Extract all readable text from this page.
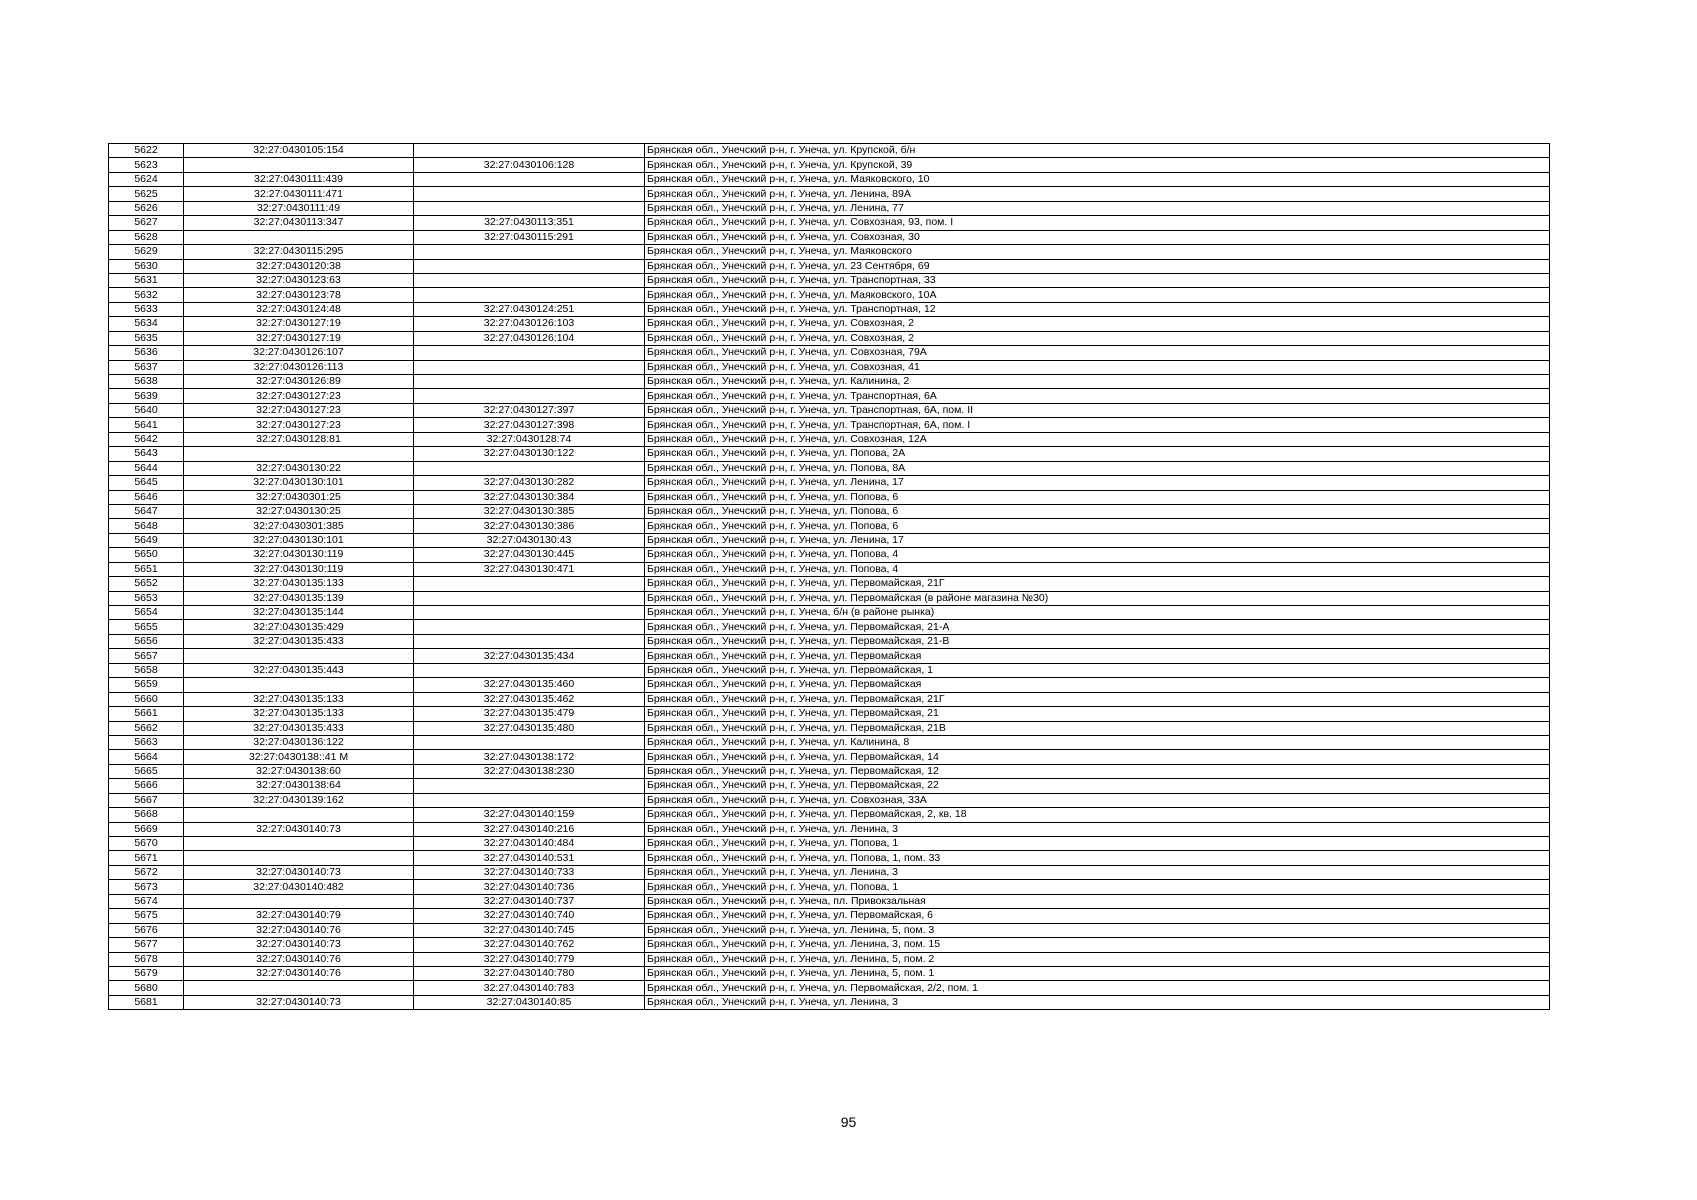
5622	32:27:0430105:154		Брянская обл., Унечский р-н, г. Унеча, ул. Крупской, б/н
5623		32:27:0430106:128	Брянская обл., Унечский р-н, г. Унеча, ул. Крупской, 39
5624	32:27:0430111:439		Брянская обл., Унечский р-н, г. Унеча, ул. Маяковского, 10
5625	32:27:0430111:471		Брянская обл., Унечский р-н, г. Унеча, ул. Ленина, 89А
5626	32:27:0430111:49		Брянская обл., Унечский р-н, г. Унеча, ул. Ленина, 77
5627	32:27:0430113:347	32:27:0430113:351	Брянская обл., Унечский р-н, г. Унеча, ул. Совхозная, 93, пом. I
5628		32:27:0430115:291	Брянская обл., Унечский р-н, г. Унеча, ул. Совхозная, 30
5629	32:27:0430115:295		Брянская обл., Унечский р-н, г. Унеча, ул. Маяковского
5630	32:27:0430120:38		Брянская обл., Унечский р-н, г. Унеча, ул. 23 Сентября, 69
5631	32:27:0430123:63		Брянская обл., Унечский р-н, г. Унеча, ул. Транспортная, 33
5632	32:27:0430123:78		Брянская обл., Унечский р-н, г. Унеча, ул. Маяковского, 10А
5633	32:27:0430124:48	32:27:0430124:251	Брянская обл., Унечский р-н, г. Унеча, ул. Транспортная, 12
5634	32:27:0430127:19	32:27:0430126:103	Брянская обл., Унечский р-н, г. Унеча, ул. Совхозная, 2
5635	32:27:0430127:19	32:27:0430126:104	Брянская обл., Унечский р-н, г. Унеча, ул. Совхозная, 2
5636	32:27:0430126:107		Брянская обл., Унечский р-н, г. Унеча, ул. Совхозная, 79А
5637	32:27:0430126:113		Брянская обл., Унечский р-н, г. Унеча, ул. Совхозная, 41
5638	32:27:0430126:89		Брянская обл., Унечский р-н, г. Унеча, ул. Калинина, 2
5639	32:27:0430127:23		Брянская обл., Унечский р-н, г. Унеча, ул. Транспортная, 6А
5640	32:27:0430127:23	32:27:0430127:397	Брянская обл., Унечский р-н, г. Унеча, ул. Транспортная, 6А, пом. II
5641	32:27:0430127:23	32:27:0430127:398	Брянская обл., Унечский р-н, г. Унеча, ул. Транспортная, 6А, пом. I
5642	32:27:0430128:81	32:27:0430128:74	Брянская обл., Унечский р-н, г. Унеча, ул. Совхозная, 12А
5643		32:27:0430130:122	Брянская обл., Унечский р-н, г. Унеча, ул. Попова, 2А
5644	32:27:0430130:22		Брянская обл., Унечский р-н, г. Унеча, ул. Попова, 8А
5645	32:27:0430130:101	32:27:0430130:282	Брянская обл., Унечский р-н, г. Унеча, ул. Ленина, 17
5646	32:27:0430301:25	32:27:0430130:384	Брянская обл., Унечский р-н, г. Унеча, ул. Попова, 6
5647	32:27:0430130:25	32:27:0430130:385	Брянская обл., Унечский р-н, г. Унеча, ул. Попова, 6
5648	32:27:0430301:385	32:27:0430130:386	Брянская обл., Унечский р-н, г. Унеча, ул. Попова, 6
5649	32:27:0430130:101	32:27:0430130:43	Брянская обл., Унечский р-н, г. Унеча, ул. Ленина, 17
5650	32:27:0430130:119	32:27:0430130:445	Брянская обл., Унечский р-н, г. Унеча, ул. Попова, 4
5651	32:27:0430130:119	32:27:0430130:471	Брянская обл., Унечский р-н, г. Унеча, ул. Попова, 4
5652	32:27:0430135:133		Брянская обл., Унечский р-н, г. Унеча, ул. Первомайская, 21Г
5653	32:27:0430135:139		Брянская обл., Унечский р-н, г. Унеча, ул. Первомайская (в районе магазина №30)
5654	32:27:0430135:144		Брянская обл., Унечский р-н, г. Унеча, б/н (в районе рынка)
5655	32:27:0430135:429		Брянская обл., Унечский р-н, г. Унеча, ул. Первомайская, 21-А
5656	32:27:0430135:433		Брянская обл., Унечский р-н, г. Унеча, ул. Первомайская, 21-В
5657		32:27:0430135:434	Брянская обл., Унечский р-н, г. Унеча, ул. Первомайская
5658	32:27:0430135:443		Брянская обл., Унечский р-н, г. Унеча, ул. Первомайская, 1
5659		32:27:0430135:460	Брянская обл., Унечский р-н, г. Унеча, ул. Первомайская
5660	32:27:0430135:133	32:27:0430135:462	Брянская обл., Унечский р-н, г. Унеча, ул. Первомайская, 21Г
5661	32:27:0430135:133	32:27:0430135:479	Брянская обл., Унечский р-н, г. Унеча, ул. Первомайская, 21
5662	32:27:0430135:433	32:27:0430135:480	Брянская обл., Унечский р-н, г. Унеча, ул. Первомайская, 21В
5663	32:27:0430136:122		Брянская обл., Унечский р-н, г. Унеча, ул. Калинина, 8
5664	32:27:0430138::41 М	32:27:0430138:172	Брянская обл., Унечский р-н, г. Унеча, ул. Первомайская, 14
5665	32:27:0430138:60	32:27:0430138:230	Брянская обл., Унечский р-н, г. Унеча, ул. Первомайская, 12
5666	32:27:0430138:64		Брянская обл., Унечский р-н, г. Унеча, ул. Первомайская, 22
5667	32:27:0430139:162		Брянская обл., Унечский р-н, г. Унеча, ул. Совхозная, 33А
5668		32:27:0430140:159	Брянская обл., Унечский р-н, г. Унеча, ул. Первомайская, 2, кв. 18
5669	32:27:0430140:73	32:27:0430140:216	Брянская обл., Унечский р-н, г. Унеча, ул. Ленина, 3
5670		32:27:0430140:484	Брянская обл., Унечский р-н, г. Унеча, ул. Попова, 1
5671		32:27:0430140:531	Брянская обл., Унечский р-н, г. Унеча, ул. Попова, 1, пом. 33
5672	32:27:0430140:73	32:27:0430140:733	Брянская обл., Унечский р-н, г. Унеча, ул. Ленина, 3
5673	32:27:0430140:482	32:27:0430140:736	Брянская обл., Унечский р-н, г. Унеча, ул. Попова, 1
5674		32:27:0430140:737	Брянская обл., Унечский р-н, г. Унеча, пл. Привокзальная
5675	32:27:0430140:79	32:27:0430140:740	Брянская обл., Унечский р-н, г. Унеча, ул. Первомайская, 6
5676	32:27:0430140:76	32:27:0430140:745	Брянская обл., Унечский р-н, г. Унеча, ул. Ленина, 5, пом. 3
5677	32:27:0430140:73	32:27:0430140:762	Брянская обл., Унечский р-н, г. Унеча, ул. Ленина, 3, пом. 15
5678	32:27:0430140:76	32:27:0430140:779	Брянская обл., Унечский р-н, г. Унеча, ул. Ленина, 5, пом. 2
5679	32:27:0430140:76	32:27:0430140:780	Брянская обл., Унечский р-н, г. Унеча, ул. Ленина, 5, пом. 1
5680		32:27:0430140:783	Брянская обл., Унечский р-н, г. Унеча, ул. Первомайская, 2/2, пом. 1
5681	32:27:0430140:73	32:27:0430140:85	Брянская обл., Унечский р-н, г. Унеча, ул. Ленина, 3
95
